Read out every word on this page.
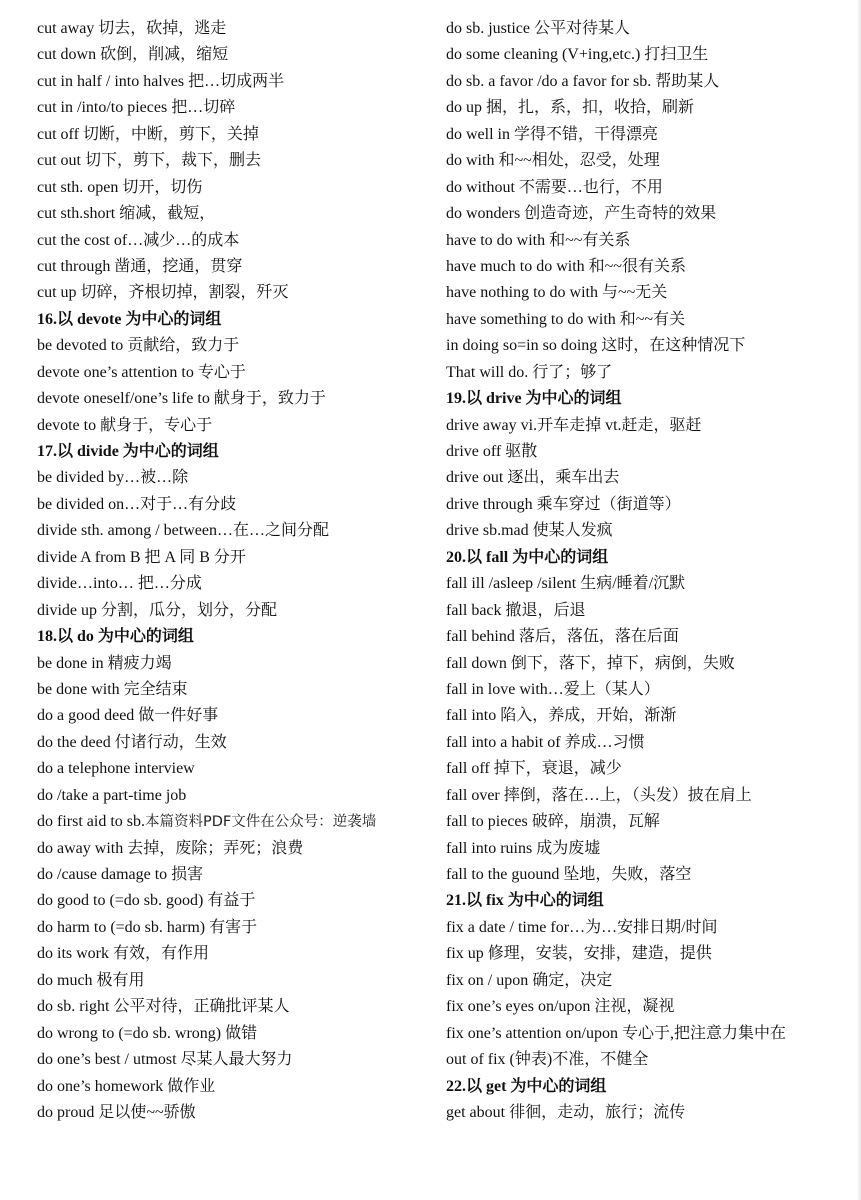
cut away 切去，砍掉，逃走
cut down 砍倒，削减，缩短
cut in half / into halves 把…切成两半
cut in /into/to pieces 把…切碎
cut off 切断，中断，剪下，关掉
cut out 切下，剪下，裁下，删去
cut sth. open 切开，切伤
cut sth.short 缩减，截短，
cut the cost of…减少…的成本
cut through 凿通，挖通，贯穿
cut up 切碎，齐根切掉，割裂，歼灭
16.以 devote 为中心的词组
be devoted to 贡献给，致力于
devote one’s attention to 专心于
devote oneself/one’s life to 献身于，致力于
devote to 献身于，专心于
17.以 divide 为中心的词组
be divided by…被…除
be divided on…对于…有分歧
divide sth. among / between…在…之间分配
divide A from B 把 A 同 B 分开
divide…into… 把…分成
divide up 分割，瓜分，划分，分配
18.以 do 为中心的词组
be done in 精疲力竭
be done with 完全结束
do a good deed 做一件好事
do the deed 付诸行动，生效
do a telephone interview
do /take a part-time job
do first aid to sb.本篇资料PDF文件在公众号：逆袭墙
do away with 去掉，废除；弄死；浪费
do /cause damage to 损害
do good to (=do sb. good) 有益于
do harm to (=do sb. harm) 有害于
do its work 有效，有作用
do much 极有用
do sb. right 公平对待，正确批评某人
do wrong to (=do sb. wrong) 做错
do one’s best / utmost 尽某人最大努力
do one’s homework 做作业
do proud 足以使~~骄傲
do sb. justice 公平对待某人
do some cleaning (V+ing,etc.) 打扫卫生
do sb. a favor /do a favor for sb. 帮助某人
do up 捆，扎，系，扣，收拾，刷新
do well in 学得不错，干得漂亮
do with 和~~相处，忍受，处理
do without 不需要…也行，不用
do wonders 创造奇迹，产生奇特的效果
have to do with 和~~有关系
have much to do with 和~~很有关系
have nothing to do with 与~~无关
have something to do with 和~~有关
in doing so=in so doing 这时，在这种情况下
That will do. 行了；够了
19.以 drive 为中心的词组
drive away vi.开车走掉 vt.赶走，驱赶
drive off 驱散
drive out 逐出，乘车出去
drive through 乘车穿过（街道等）
drive sb.mad 使某人发疯
20.以 fall 为中心的词组
fall ill /asleep /silent 生病/睡着/沉默
fall back 撤退，后退
fall behind 落后，落伍，落在后面
fall down 倒下，落下，掉下，病倒，失败
fall in love with…爱上（某人）
fall into 陷入，养成，开始，渐渐
fall into a habit of 养成…习惯
fall off 掉下，衰退，减少
fall over 摔倒，落在…上，（头发）披在肩上
fall to pieces 破碎，崩溃，瓦解
fall into ruins 成为废墟
fall to the guound 坠地，失败，落空
21.以 fix 为中心的词组
fix a date / time for…为…安排日期/时间
fix up 修理，安装，安排，建造，提供
fix on / upon 确定，决定
fix one’s eyes on/upon 注视，凝视
fix one’s attention on/upon 专心于,把注意力集中在
out of fix (钟表)不准，不健全
22.以 get 为中心的词组
get about 徘徊，走动，旅行；流传
